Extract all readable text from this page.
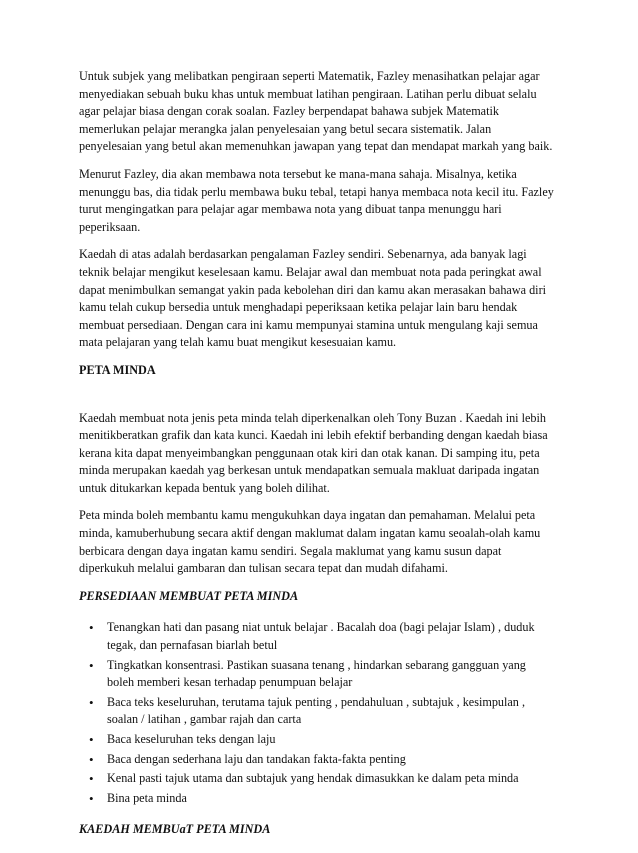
Untuk subjek yang melibatkan pengiraan seperti Matematik, Fazley menasihatkan pelajar agar
menyediakan sebuah buku khas untuk membuat latihan pengiraan. Latihan perlu dibuat selalu
agar pelajar biasa dengan corak soalan. Fazley berpendapat bahawa subjek Matematik
memerlukan pelajar merangka jalan penyelesaian yang betul secara sistematik. Jalan
penyelesaian yang betul akan memenuhkan jawapan yang tepat dan mendapat markah yang baik.

Menurut Fazley, dia akan membawa nota tersebut ke mana-mana sahaja. Misalnya, ketika
menunggu bas, dia tidak perlu membawa buku tebal, tetapi hanya membaca nota kecil itu. Fazley
turut mengingatkan para pelajar agar membawa nota yang dibuat tanpa menunggu hari
peperiksaan.

Kaedah di atas adalah berdasarkan pengalaman Fazley sendiri. Sebenarnya, ada banyak lagi
teknik belajar mengikut keselesaan kamu. Belajar awal dan membuat nota pada peringkat awal
dapat menimbulkan semangat yakin pada kebolehan diri dan kamu akan merasakan bahawa diri
kamu telah cukup bersedia untuk menghadapi peperiksaan ketika pelajar lain baru hendak
membuat persediaan. Dengan cara ini kamu mempunyai stamina untuk mengulang kaji semua
mata pelajaran yang telah kamu buat mengikut kesesuaian kamu.

PETA MINDA

Kaedah membuat nota jenis peta minda telah diperkenalkan oleh Tony Buzan . Kaedah ini lebih
menitikberatkan grafik dan kata kunci. Kaedah ini lebih efektif berbanding dengan kaedah biasa
kerana kita dapat menyeimbangkan penggunaan otak kiri dan otak kanan. Di samping itu, peta
minda merupakan kaedah yag berkesan untuk mendapatkan semuala makluat daripada ingatan
untuk ditukarkan kepada bentuk yang boleh dilihat.

Peta minda boleh membantu kamu mengukuhkan daya ingatan dan pemahaman. Melalui peta
minda, kamuberhubung secara aktif dengan maklumat dalam ingatan kamu seoalah-olah kamu
berbicara dengan daya ingatan kamu sendiri. Segala maklumat yang kamu susun dapat
diperkukuh melalui gambaran dan tulisan secara tepat dan mudah difahami.

PERSEDIAAN MEMBUAT PETA MINDA
• Tenangkan hati dan pasang niat untuk belajar . Bacalah doa (bagi pelajar Islam) , duduk
tegak, dan pernafasan biarlah betul
• Tingkatkan konsentrasi. Pastikan suasana tenang , hindarkan sebarang gangguan yang
boleh memberi kesan terhadap penumpuan belajar
• Baca teks keseluruhan, terutama tajuk penting , pendahuluan , subtajuk , kesimpulan ,
soalan / latihan , gambar rajah dan carta
• Baca keseluruhan teks dengan laju
• Baca dengan sederhana laju dan tandakan fakta-fakta penting
• Kenal pasti tajuk utama dan subtajuk yang hendak dimasukkan ke dalam peta minda
• Bina peta minda
KAEDAH MEMBUaT PETA MINDA
